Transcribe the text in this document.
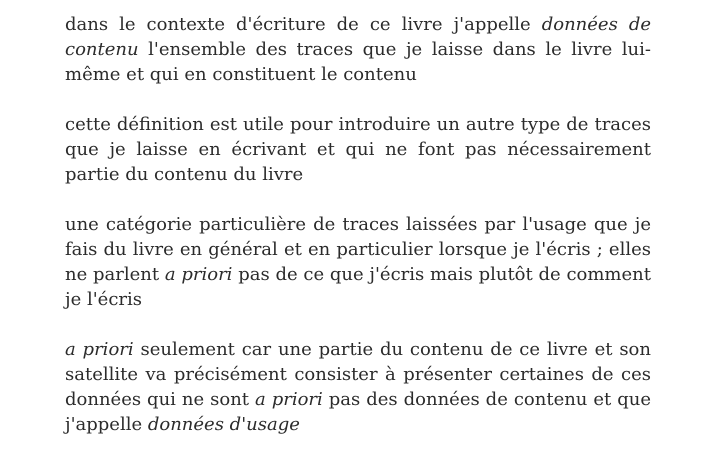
dans le contexte d'écriture de ce livre j'appelle données de contenu l'ensemble des traces que je laisse dans le livre lui-même et qui en constituent le contenu

cette définition est utile pour introduire un autre type de traces que je laisse en écrivant et qui ne font pas nécessairement partie du contenu du livre

une catégorie particulière de traces laissées par l'usage que je fais du livre en général et en particulier lorsque je l'écris ; elles ne parlent a priori pas de ce que j'écris mais plutôt de comment je l'écris

a priori seulement car une partie du contenu de ce livre et son satellite va précisément consister à présenter certaines de ces données qui ne sont a priori pas des données de contenu et que j'appelle données d'usage
